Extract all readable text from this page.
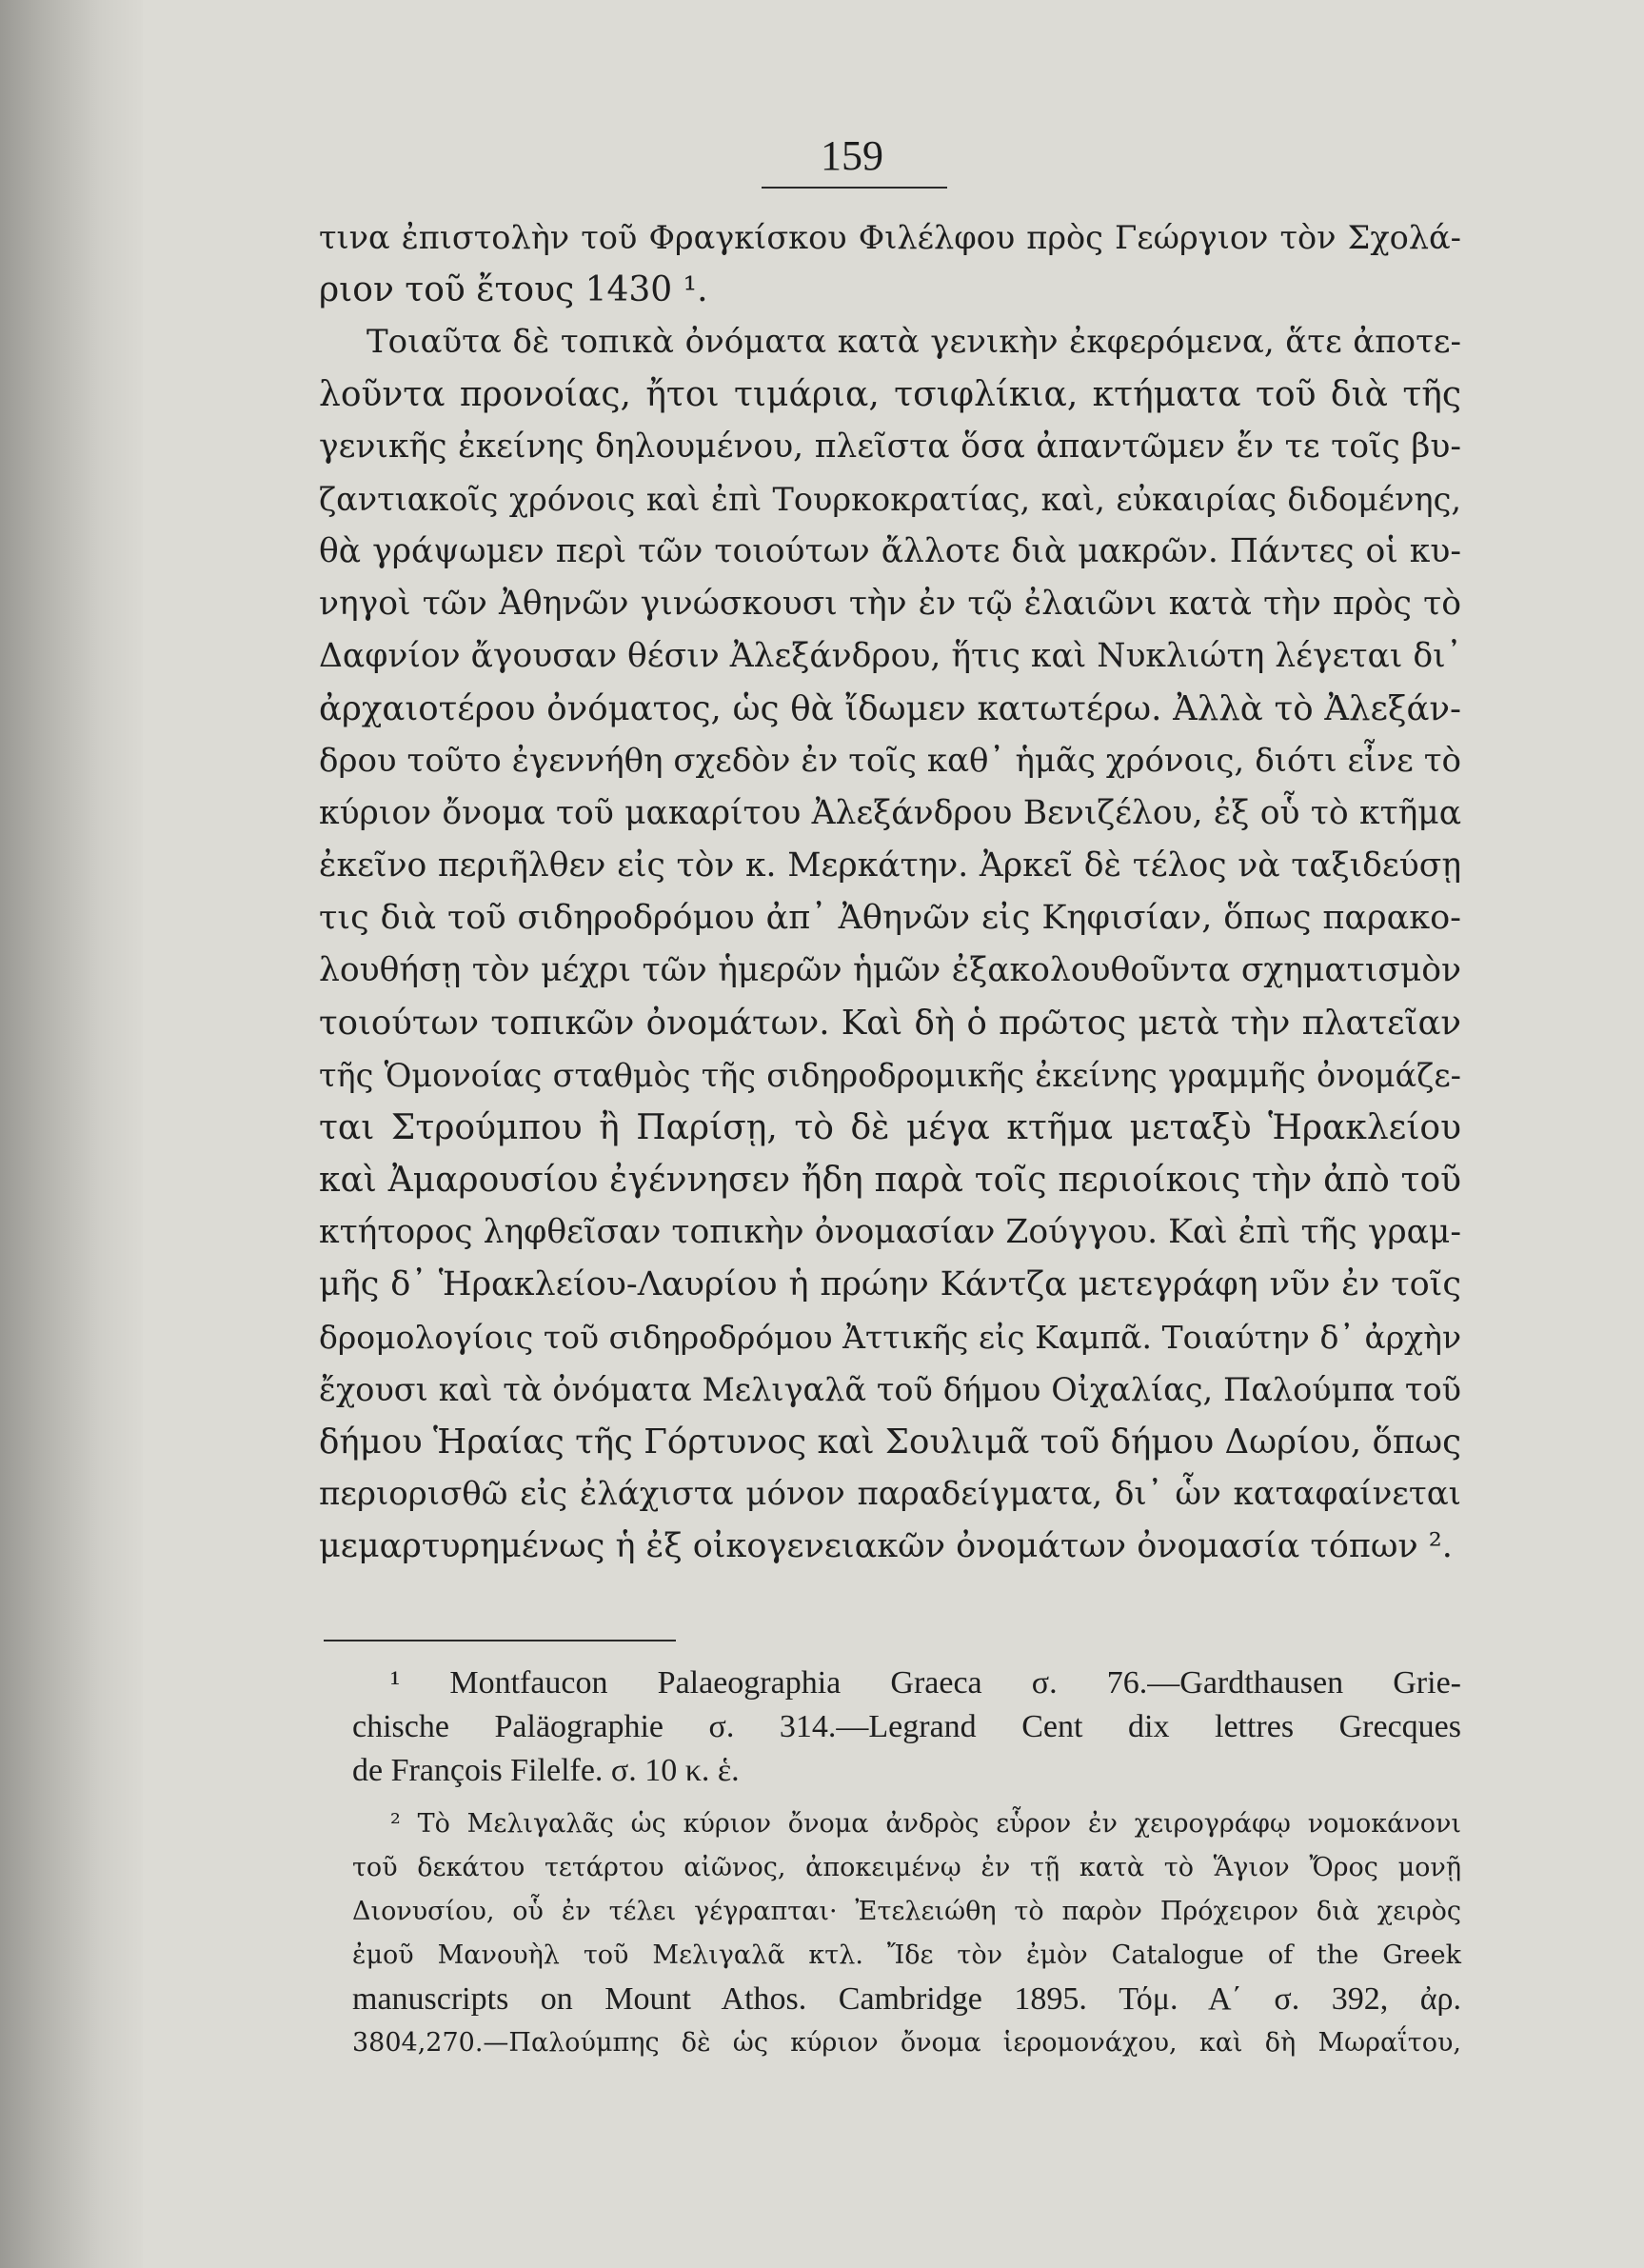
159
τινα ἐπιστολὴν τοῦ Φραγκίσκου Φιλέλφου πρὸς Γεώργιον τὸν Σχολά-
ριον τοῦ ἔτους 1430 ¹.
Τοιαῦτα δὲ τοπικὰ ὀνόματα κατὰ γενικὴν ἐκφερόμενα, ἅτε ἀποτε-
λοῦντα προνοίας, ἤτοι τιμάρια, τσιφλίκια, κτήματα τοῦ διὰ τῆς
γενικῆς ἐκείνης δηλουμένου, πλεῖστα ὅσα ἀπαντῶμεν ἔν τε τοῖς βυ-
ζαντιακοῖς χρόνοις καὶ ἐπὶ Τουρκοκρατίας, καὶ, εὐκαιρίας διδομένης,
θὰ γράψωμεν περὶ τῶν τοιούτων ἄλλοτε διὰ μακρῶν. Πάντες οἱ κυ-
νηγοὶ τῶν Ἀθηνῶν γινώσκουσι τὴν ἐν τῷ ἐλαιῶνι κατὰ τὴν πρὸς τὸ
Δαφνίον ἄγουσαν θέσιν Ἀλεξάνδρου, ἥτις καὶ Νυκλιώτη λέγεται δι᾽
ἀρχαιοτέρου ὀνόματος, ὡς θὰ ἴδωμεν κατωτέρω. Ἀλλὰ τὸ Ἀλεξάν-
δρου τοῦτο ἐγεννήθη σχεδὸν ἐν τοῖς καθ᾽ ἡμᾶς χρόνοις, διότι εἶνε τὸ
κύριον ὄνομα τοῦ μακαρίτου Ἀλεξάνδρου Βενιζέλου, ἐξ οὗ τὸ κτῆμα
ἐκεῖνο περιῆλθεν εἰς τὸν κ. Μερκάτην. Ἀρκεῖ δὲ τέλος νὰ ταξιδεύσῃ
τις διὰ τοῦ σιδηροδρόμου ἀπ᾽ Ἀθηνῶν εἰς Κηφισίαν, ὅπως παρακο-
λουθήσῃ τὸν μέχρι τῶν ἡμερῶν ἡμῶν ἐξακολουθοῦντα σχηματισμὸν
τοιούτων τοπικῶν ὀνομάτων. Καὶ δὴ ὁ πρῶτος μετὰ τὴν πλατεῖαν
τῆς Ὁμονοίας σταθμὸς τῆς σιδηροδρομικῆς ἐκείνης γραμμῆς ὀνομάζε-
ται Στρούμπου ἢ Παρίσῃ, τὸ δὲ μέγα κτῆμα μεταξὺ Ἡρακλείου
καὶ Ἀμαρουσίου ἐγέννησεν ἤδη παρὰ τοῖς περιοίκοις τὴν ἀπὸ τοῦ
κτήτορος ληφθεῖσαν τοπικὴν ὀνομασίαν Ζούγγου. Καὶ ἐπὶ τῆς γραμ-
μῆς δ᾽ Ἡρακλείου-Λαυρίου ἡ πρώην Κάντζα μετεγράφη νῦν ἐν τοῖς
δρομολογίοις τοῦ σιδηροδρόμου Ἀττικῆς εἰς Καμπᾶ. Τοιαύτην δ᾽ ἀρχὴν
ἔχουσι καὶ τὰ ὀνόματα Μελιγαλᾶ τοῦ δήμου Οἰχαλίας, Παλούμπα τοῦ
δήμου Ἡραίας τῆς Γόρτυνος καὶ Σουλιμᾶ τοῦ δήμου Δωρίου, ὅπως
περιορισθῶ εἰς ἐλάχιστα μόνον παραδείγματα, δι᾽ ὧν καταφαίνεται
μεμαρτυρημένως ἡ ἐξ οἰκογενειακῶν ὀνομάτων ὀνομασία τόπων ².
¹ Montfaucon Palaeographia Graeca σ. 76.—Gardthausen Grie-
chische Paläographie σ. 314.—Legrand Cent dix lettres Grecques
de François Filelfe. σ. 10 κ. ἑ.
² Τὸ Μελιγαλᾶς ὡς κύριον ὄνομα ἀνδρὸς εὗρον ἐν χειρογράφῳ νομοκάνονι
τοῦ δεκάτου τετάρτου αἰῶνος, ἀποκειμένῳ ἐν τῇ κατὰ τὸ Ἅγιον Ὄρος μονῇ
Διονυσίου, οὗ ἐν τέλει γέγραπται· Ἐτελειώθη τὸ παρὸν Πρόχειρον διὰ χειρὸς
ἐμοῦ Μανουὴλ τοῦ Μελιγαλᾶ κτλ. Ἴδε τὸν ἐμὸν Catalogue of the Greek
manuscripts on Mount Athos. Cambridge 1895. Τόμ. Α΄ σ. 392, ἀρ.
3804,270.—Παλούμπης δὲ ὡς κύριον ὄνομα ἱερομονάχου, καὶ δὴ Μωραΐτου,
